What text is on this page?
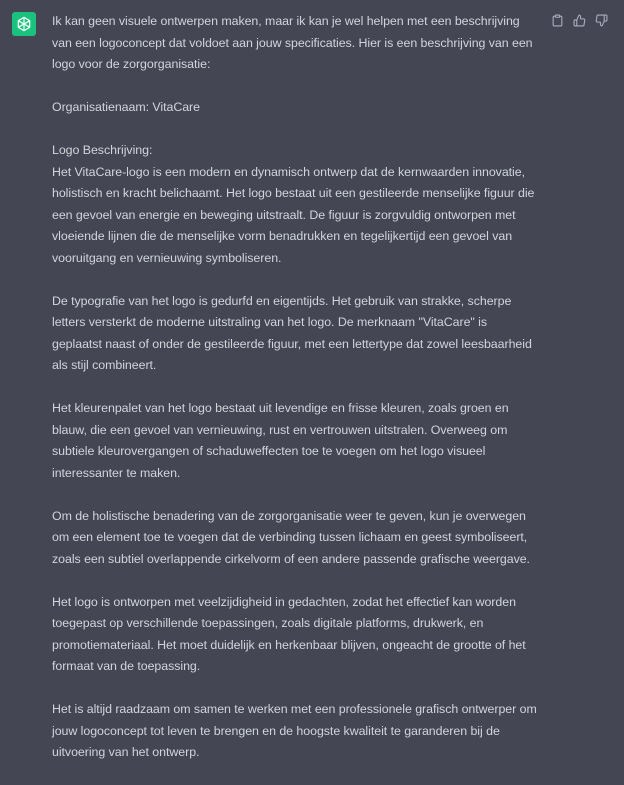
Ik kan geen visuele ontwerpen maken, maar ik kan je wel helpen met een beschrijving van een logoconcept dat voldoet aan jouw specificaties. Hier is een beschrijving van een logo voor de zorgorganisatie:

Organisatienaam: VitaCare

Logo Beschrijving:

Het VitaCare-logo is een modern en dynamisch ontwerp dat de kernwaarden innovatie, holistisch en kracht belichaamt. Het logo bestaat uit een gestileerde menselijke figuur die een gevoel van energie en beweging uitstraalt. De figuur is zorgvuldig ontworpen met vloeiende lijnen die de menselijke vorm benadrukken en tegelijkertijd een gevoel van vooruitgang en vernieuwing symboliseren.

De typografie van het logo is gedurfd en eigentijds. Het gebruik van strakke, scherpe letters versterkt de moderne uitstraling van het logo. De merknaam "VitaCare" is geplaatst naast of onder de gestileerde figuur, met een lettertype dat zowel leesbaarheid als stijl combineert.

Het kleurenpalet van het logo bestaat uit levendige en frisse kleuren, zoals groen en blauw, die een gevoel van vernieuwing, rust en vertrouwen uitstralen. Overweeg om subtiele kleurovergangen of schaduweffecten toe te voegen om het logo visueel interessanter te maken.

Om de holistische benadering van de zorgorganisatie weer te geven, kun je overwegen om een element toe te voegen dat de verbinding tussen lichaam en geest symboliseert, zoals een subtiel overlappende cirkelvorm of een andere passende grafische weergave.

Het logo is ontworpen met veelzijdigheid in gedachten, zodat het effectief kan worden toegepast op verschillende toepassingen, zoals digitale platforms, drukwerk, en promotiemateriaal. Het moet duidelijk en herkenbaar blijven, ongeacht de grootte of het formaat van de toepassing.

Het is altijd raadzaam om samen te werken met een professionele grafisch ontwerper om jouw logoconcept tot leven te brengen en de hoogste kwaliteit te garanderen bij de uitvoering van het ontwerp.
